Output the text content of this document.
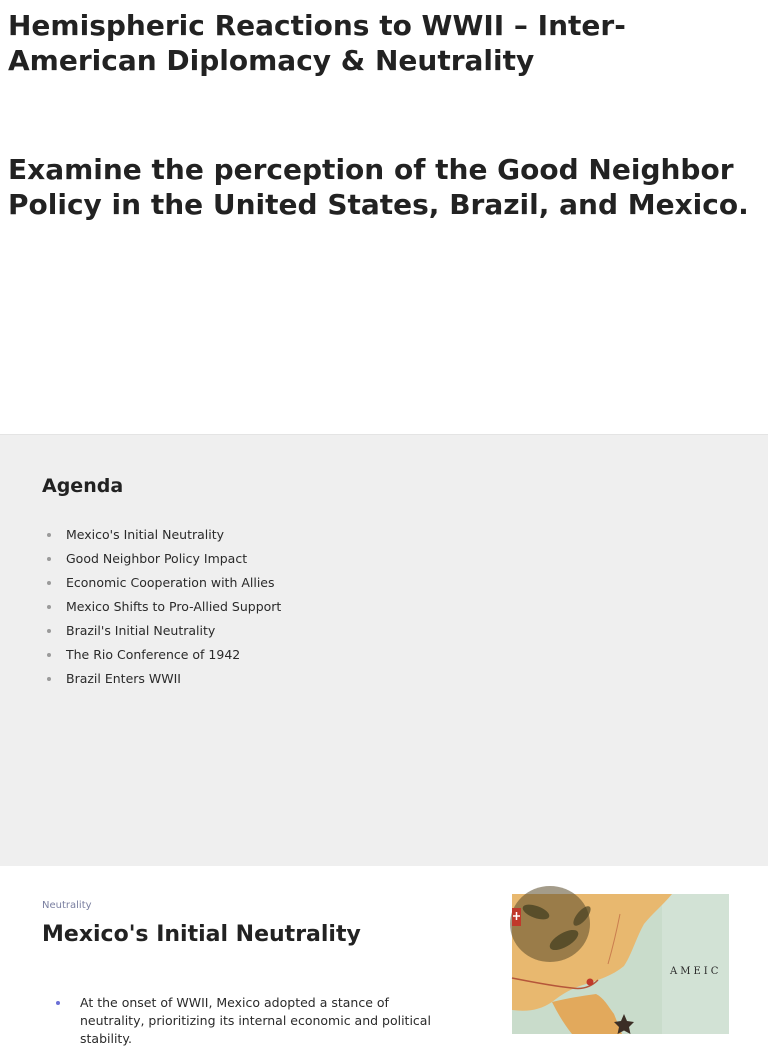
Hemispheric Reactions to WWII – Inter-American Diplomacy & Neutrality
Examine the perception of the Good Neighbor Policy in the United States, Brazil, and Mexico.
Agenda
Mexico's Initial Neutrality
Good Neighbor Policy Impact
Economic Cooperation with Allies
Mexico Shifts to Pro-Allied Support
Brazil's Initial Neutrality
The Rio Conference of 1942
Brazil Enters WWII
Neutrality
Mexico's Initial Neutrality
At the onset of WWII, Mexico adopted a stance of neutrality, prioritizing its internal economic and political stability.
AMEIC
